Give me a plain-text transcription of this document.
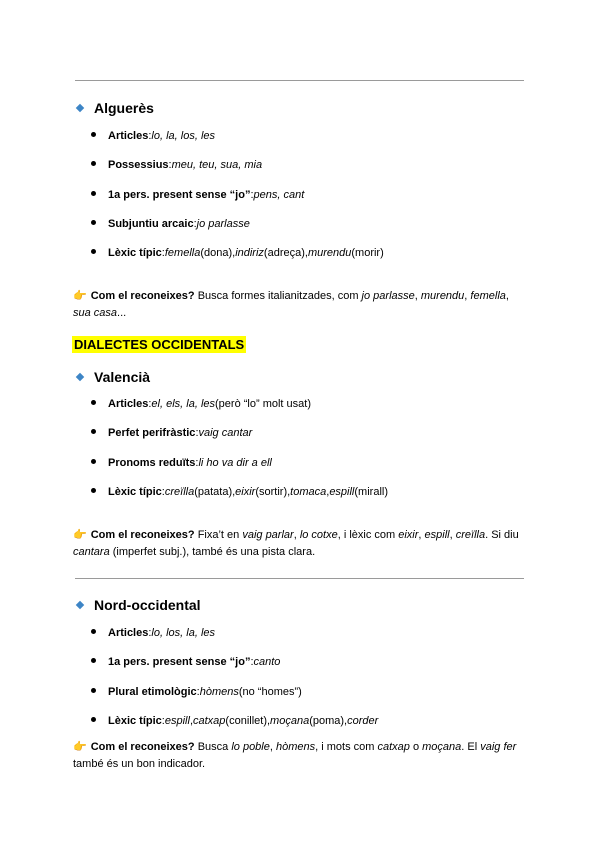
Alguerès
Articles : lo, la, los, les
Possessius : meu, teu, sua, mia
1a pers. present sense “jo” : pens, cant
Subjuntiu arcaic : jo parlasse
Lèxic típic : femella (dona), indiriz (adreça), murendu (morir)
👉 Com el reconeixes? Busca formes italianitzades, com jo parlasse, murendu, femella, sua casa...
DIALECTES OCCIDENTALS
Valencià
Articles : el, els, la, les (però “lo” molt usat)
Perfet perifràstic : vaig cantar
Pronoms reduïts : li ho va dir a ell
Lèxic típic : creïlla (patata), eixir (sortir), tomaca , espill (mirall)
👉 Com el reconeixes? Fixa’t en vaig parlar, lo cotxe, i lèxic com eixir, espill, creïlla. Si diu cantara (imperfet subj.), també és una pista clara.
Nord-occidental
Articles : lo, los, la, les
1a pers. present sense “jo” : canto
Plural etimològic : hòmens (no “homes”)
Lèxic típic : espill , catxap (conillet), moçana (poma), corder
👉 Com el reconeixes? Busca lo poble, hòmens, i mots com catxap o moçana. El vaig fer també és un bon indicador.
